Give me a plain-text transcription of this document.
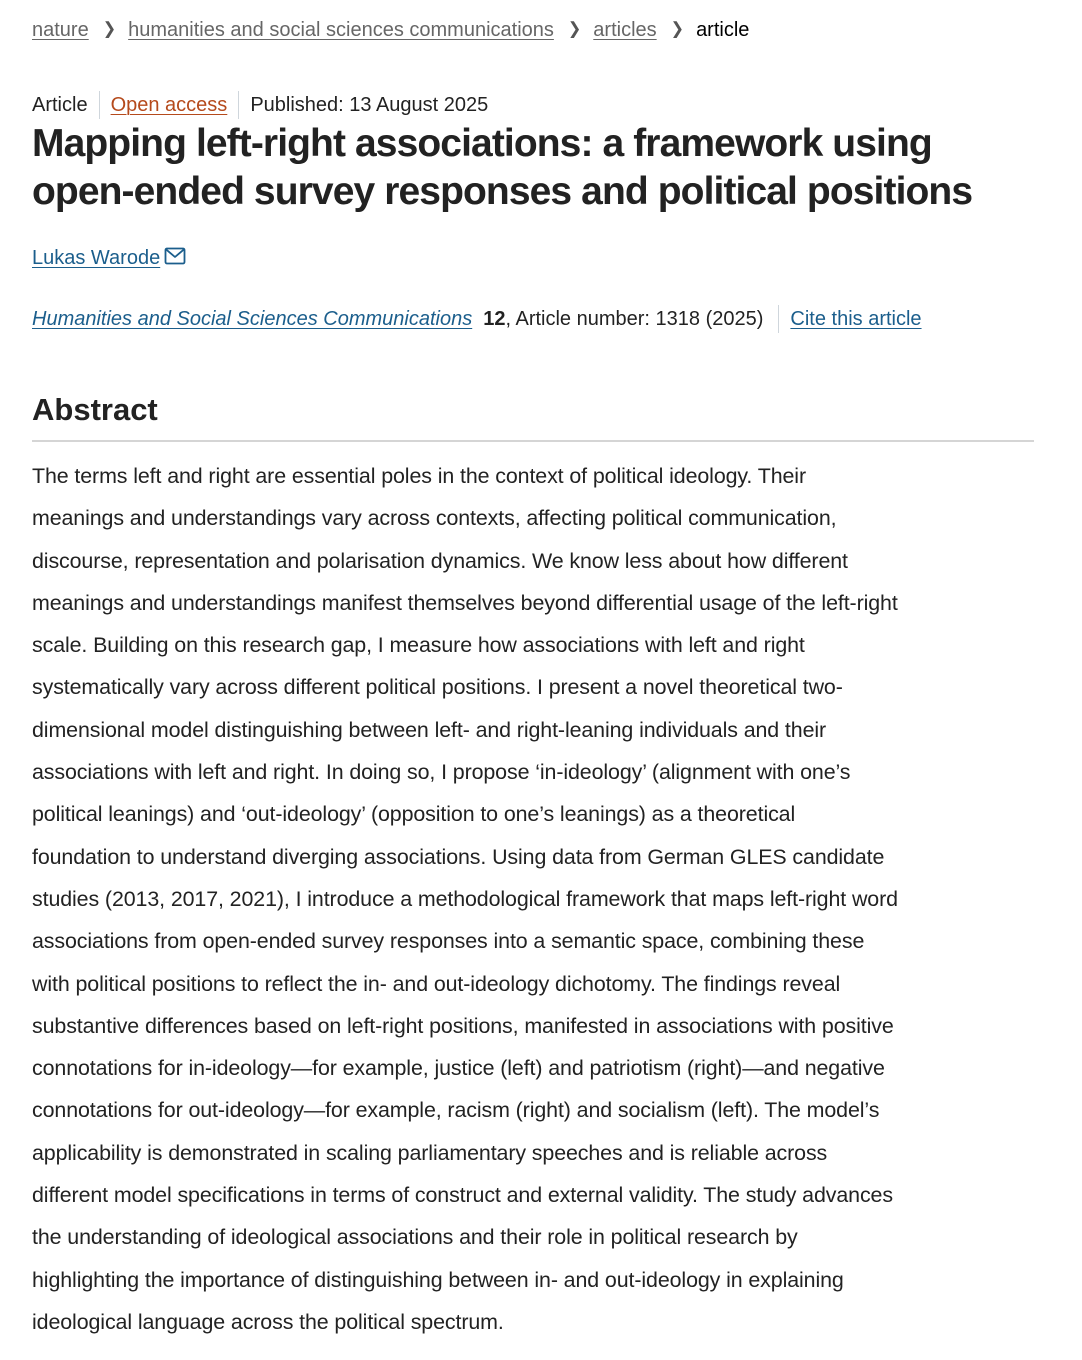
nature ❯ humanities and social sciences communications ❯ articles ❯ article
Article Open access Published: 13 August 2025
Mapping left-right associations: a framework using open-ended survey responses and political positions
Lukas Warode
Humanities and Social Sciences Communications 12 , Article number: 1318 (2025) Cite this article
Abstract

The terms left and right are essential poles in the context of political ideology. Their
meanings and understandings vary across contexts, affecting political communication,
discourse, representation and polarisation dynamics. We know less about how different
meanings and understandings manifest themselves beyond differential usage of the left-right
scale. Building on this research gap, I measure how associations with left and right
systematically vary across different political positions. I present a novel theoretical two-
dimensional model distinguishing between left- and right-leaning individuals and their
associations with left and right. In doing so, I propose ‘in-ideology’ (alignment with one’s
political leanings) and ‘out-ideology’ (opposition to one’s leanings) as a theoretical
foundation to understand diverging associations. Using data from German GLES candidate
studies (2013, 2017, 2021), I introduce a methodological framework that maps left-right word
associations from open-ended survey responses into a semantic space, combining these
with political positions to reflect the in- and out-ideology dichotomy. The findings reveal
substantive differences based on left-right positions, manifested in associations with positive
connotations for in-ideology—for example, justice (left) and patriotism (right)—and negative
connotations for out-ideology—for example, racism (right) and socialism (left). The model’s
applicability is demonstrated in scaling parliamentary speeches and is reliable across
different model specifications in terms of construct and external validity. The study advances
the understanding of ideological associations and their role in political research by
highlighting the importance of distinguishing between in- and out-ideology in explaining
ideological language across the political spectrum.
